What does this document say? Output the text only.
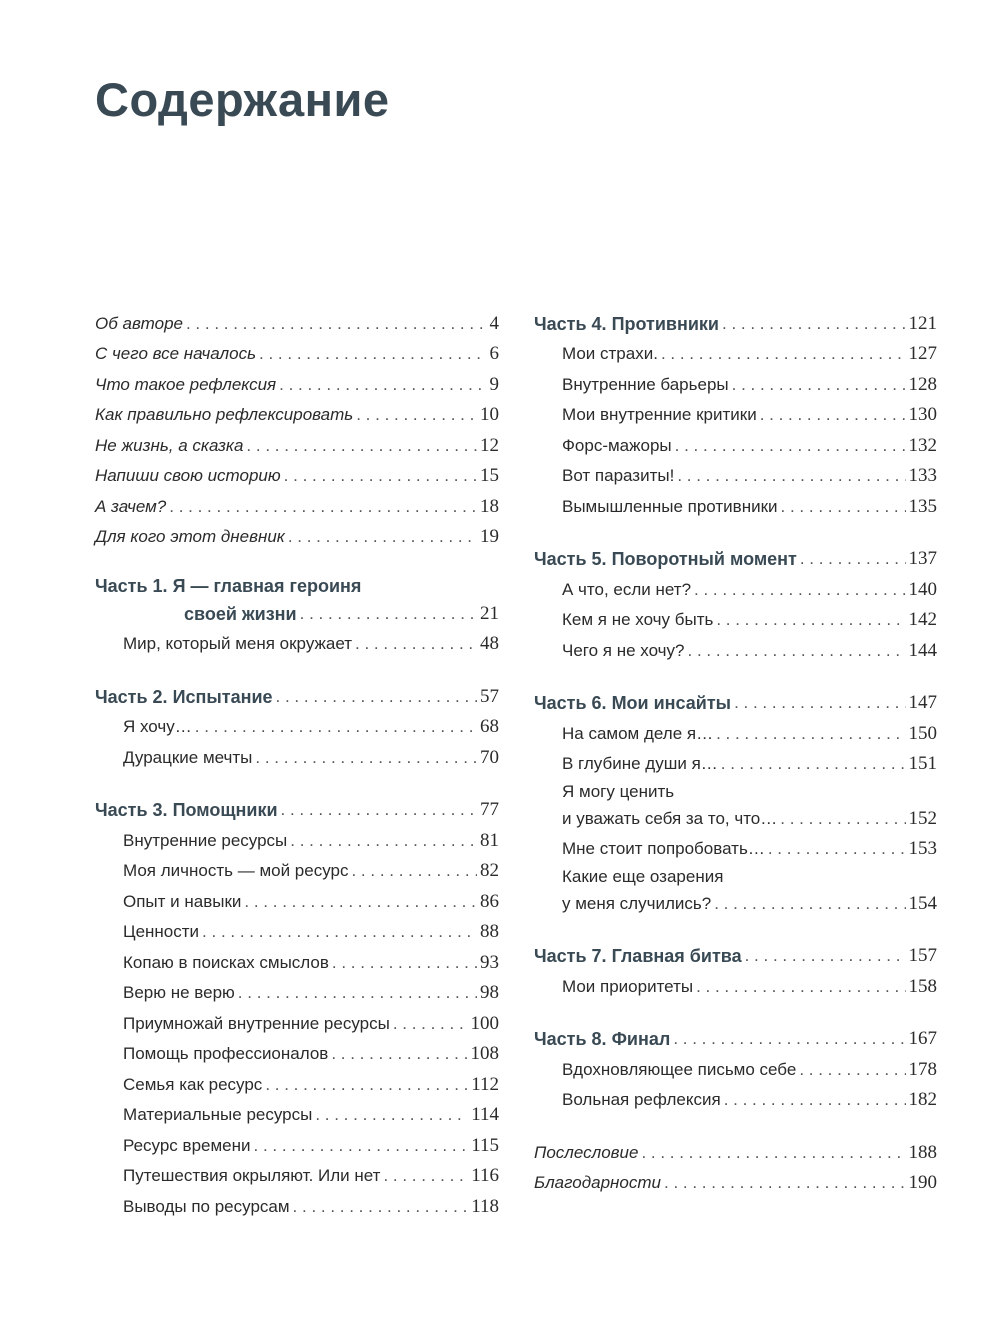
Содержание
Об авторе . . .	4
С чего все началось . . .	6
Что такое рефлексия . . .	9
Как правильно рефлексировать . . .	10
Не жизнь, а сказка . . .	12
Напиши свою историю . . .	15
А зачем? . . .	18
Для кого этот дневник . . .	19
Часть 1. Я — главная героиня
своей жизни . . .	21
Мир, который меня окружает . . .	48
Часть 2. Испытание . . .	57
Я хочу… . . .	68
Дурацкие мечты . . .	70
Часть 3. Помощники . . .	77
Внутренние ресурсы . . .	81
Моя личность — мой ресурс . . .	82
Опыт и навыки . . .	86
Ценности . . .	88
Копаю в поисках смыслов . . .	93
Верю не верю . . .	98
Приумножай внутренние ресурсы . . .	100
Помощь профессионалов . . .	108
Семья как ресурс . . .	112
Материальные ресурсы . . .	114
Ресурс времени . . .	115
Путешествия окрыляют. Или нет . . .	116
Выводы по ресурсам . . .	118
Часть 4. Противники . . .	121
Мои страхи. . . .	127
Внутренние барьеры . . .	128
Мои внутренние критики . . .	130
Форс-мажоры . . .	132
Вот паразиты! . . .	133
Вымышленные противники . . .	135
Часть 5. Поворотный момент . . .	137
А что, если нет? . . .	140
Кем я не хочу быть . . .	142
Чего я не хочу? . . .	144
Часть 6. Мои инсайты . . .	147
На самом деле я… . . .	150
В глубине души я… . . .	151
Я могу ценить
и уважать себя за то, что… . . .	152
Мне стоит попробовать… . . .	153
Какие еще озарения
у меня случились? . . .	154
Часть 7. Главная битва . . .	157
Мои приоритеты . . .	158
Часть 8. Финал . . .	167
Вдохновляющее письмо себе . . .	178
Вольная рефлексия . . .	182
Послесловие . . .	188
Благодарности . . .	190
